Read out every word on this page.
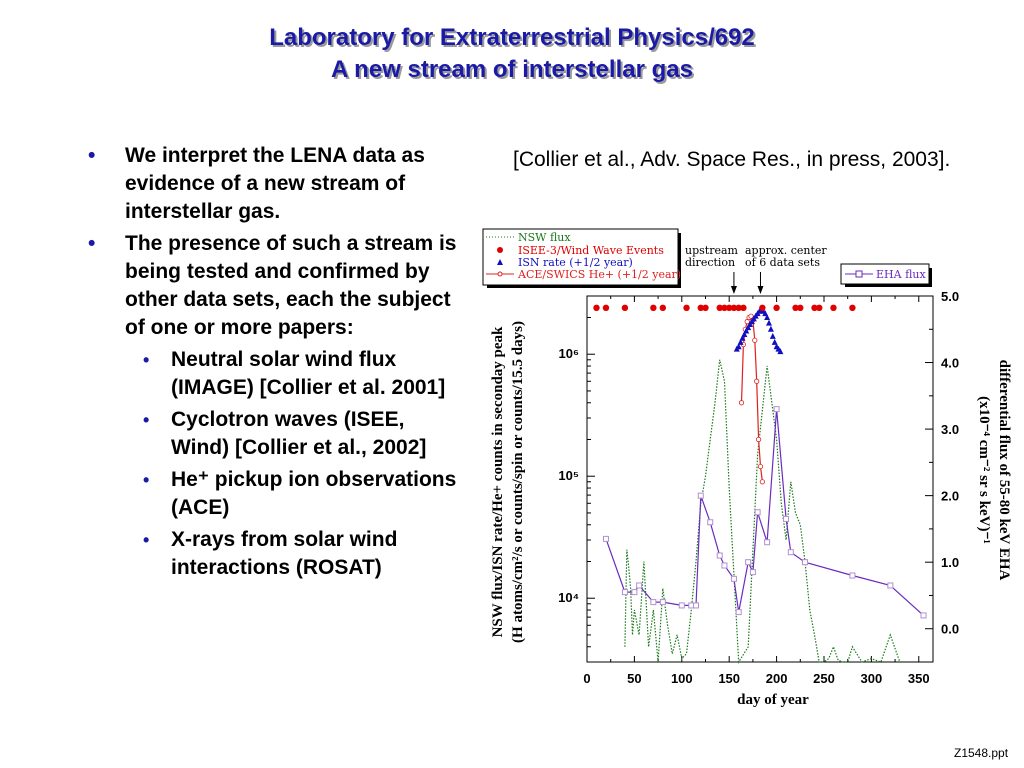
Laboratory for Extraterrestrial Physics/692
A new stream of interstellar gas
• We interpret the LENA data as evidence of a new stream of interstellar gas.
• The presence of such a stream is being tested and confirmed by other data sets, each the subject of one or more papers:
• Neutral solar wind flux (IMAGE) [Collier et al. 2001]
• Cyclotron waves (ISEE, Wind) [Collier et al., 2002]
• He⁺ pickup ion observations (ACE)
• X-rays from solar wind interactions (ROSAT)
[Collier et al., Adv. Space Res., in press, 2003].
Z1548.ppt
NSW flux
ISEE-3/Wind Wave Events
ISN rate (+1/2 year)
ACE/SWICS He+ (+1/2 year)	EHA flux
upstream
direction
approx. center
of 6 data sets
0	50 100 150 200 250 300 350
10⁴
10⁵
10⁶
0.0
1.0
2.0
3.0
4.0
5.0
day of year
NSW flux/ISN rate/He+ counts in seconday peak (H atoms/cm²/s or counts/spin or counts/15.5 days)	differential flux of 55-80 keV EHA
(x10⁻⁴ cm⁻² sr s keV)⁻¹
